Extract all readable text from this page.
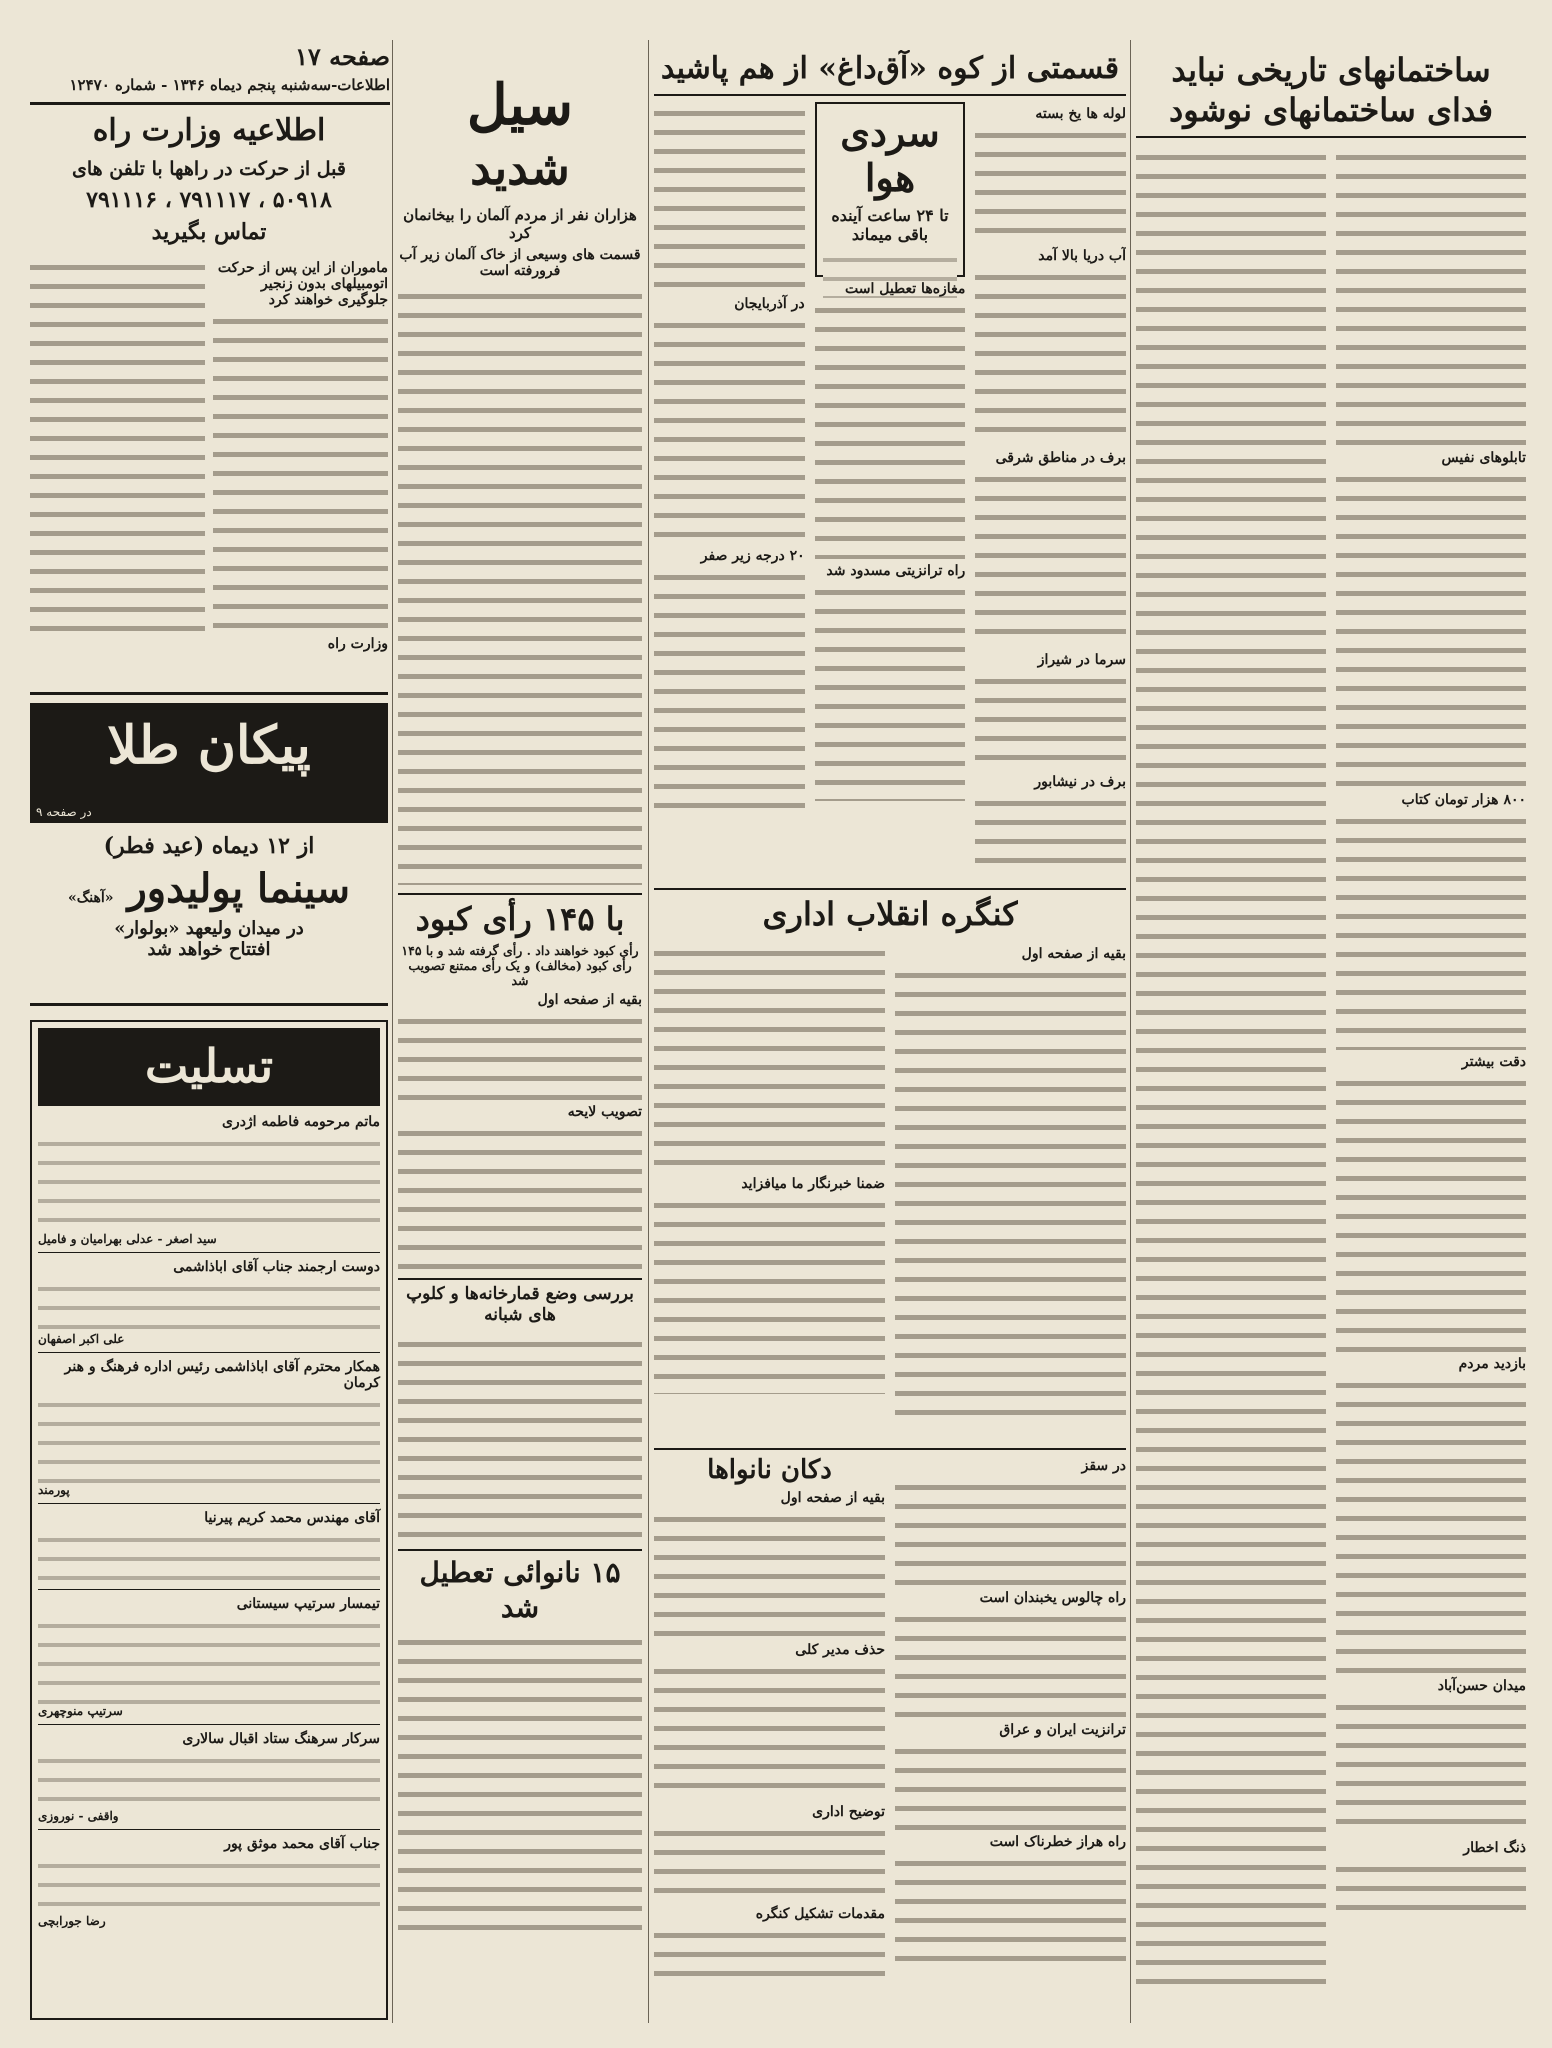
صفحه ۱۷
اطلاعات-سه‌شنبه پنجم دیماه ۱۳۴۶ - شماره ۱۲۴۷۰
اطلاعیه وزارت راه
قبل از حرکت در راهها با تلفن های
۷۹۱۱۱۶ ، ۷۹۱۱۱۷ ، ۵۰۹۱۸
تماس بگیرید
ماموران از این پس از حرکت اتومبیلهای بدون زنجیر جلوگیری خواهند کرد
وزارت راه
پیکان طلا
در صفحه ۹
از ۱۲ دیماه (عید فطر)
سینما پولیدور «آهنگ»
در میدان ولیعهد «بولوار»
افتتاح خواهد شد
تسلیت
ماتم مرحومه فاطمه اژدری
سید اصغر - عدلی بهرامیان و فامیل
دوست ارجمند جناب آقای اباذاشمی
علی اکبر اصفهان
همکار محترم آقای اباذاشمی رئیس اداره فرهنگ و هنر کرمان
پورمند
آقای مهندس محمد کریم پیرنیا
تیمسار سرتیپ سیستانی
سرتیپ منوچهری
سرکار سرهنگ ستاد اقبال سالاری
واقفی - نوروزی
جناب آقای محمد موثق پور
رضا جورابچی
سیل
شدید
هزاران نفر از مردم آلمان را بیخانمان کرد
قسمت های وسیعی از خاک آلمان زیر آب فرورفته است
با ۱۴۵ رأی کبود
رأی کبود خواهند داد . رأی گرفته شد و با ۱۴۵ رأی کبود (مخالف) و یک رأی ممتنع تصویب شد
بقیه از صفحه اول
تصویب لایحه
بررسی وضع قمارخانه‌ها و کلوپ های شبانه
۱۵ نانوائی تعطیل شد
قسمتی از کوه «آق‌داغ» از هم پاشید
لوله ها یخ بسته
آب دریا بالا آمد
برف در مناطق شرقی
سرما در شیراز
برف در نیشابور
سردی هوا
تا ۲۴ ساعت آینده
باقی میماند
مغازه‌ها تعطیل است
راه ترانزیتی مسدود شد
در آذربایجان
۲۰ درجه زیر صفر
کنگره انقلاب اداری
بقیه از صفحه اول
ضمنا خبرنگار ما میافزاید
در سقز
راه چالوس یخبندان است
ترانزیت ایران و عراق
راه هراز خطرناک است
دکان نانواها
بقیه از صفحه اول
حذف مدیر کلی
توضیح اداری
مقدمات تشکیل کنگره
ساختمانهای تاریخی نباید
فدای ساختمانهای نوشود
تابلوهای نفیس
۸۰۰ هزار تومان کتاب
دقت بیشتر
بازدید مردم
میدان حسن‌آباد
ذنگ اخطار
